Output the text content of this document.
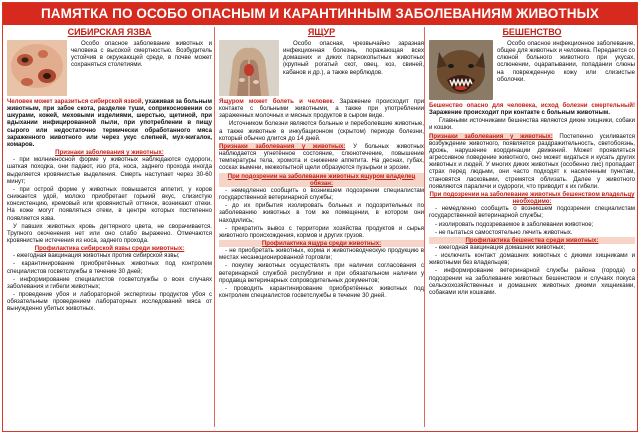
ПАМЯТКА ПО ОСОБО ОПАСНЫМ И КАРАНТИННЫМ ЗАБОЛЕВАНИЯМ ЖИВОТНЫХ
СИБИРСКАЯ ЯЗВА

Особо опасное заболевание животных и человека с высокой смертностью. Возбудитель устойчив в окружающей среде, в почве может сохраняться столетиями.

Человек может заразиться сибирской язвой, ухаживая за больным животным, при забое скота, разделке туши, соприкосновении со шкурами, кожей, меховыми изделиями, шерстью, щетиной, при вдыхании инфицированной пыли, при употреблении в пищу сырого или недостаточно термически обработанного мяса зараженного животного или через укус слепней, мух-жигалок, комаров.

Признаки заболевания у животных:
- при молниеносной форме у животных наблюдаются судороги, шаткая походка, они падают, изо рта, носа, заднего прохода иногда выделяется кровянистые выделения. Смерть наступает через 30-60 минут;
- при острой форме у животных повышается аппетит, у коров снижается удой, молоко приобретает горький вкус, слизистую консистенцию, кремовый или кровянистый оттенок, возникают отеки. На коже могут появляться отеки, в центре которых постепенно появляется язва.
У павших животных кровь дегтярного цвета, не сворачивается. Трупного окоченения нет или оно слабо выражено. Отмечаются кровянистые истечения из носа, заднего прохода.
Профилактика сибирской язвы среди животных:
- ежегодная вакцинация животных против сибирской язвы;
- карантинирование приобретённых животных под контролем специалистов госветслужбы в течение 30 дней;
- информирование специалистов госветслужбы о всех случаях заболевания и гибели животных;
- проведение убоя и лабораторной экспертизы продуктов убоя с обязательным проведением лабораторных исследований мяса от вынужденно убитых животных.
ЯЩУР

Особо опасная, чрезвычайно заразная инфекционная болезнь, поражающая всех домашних и диких парнокопытных животных (крупный рогатый скот, овец, коз, свиней, кабанов и др.), а также верблюдов.

Ящуром может болеть и человек. Заражение происходит при контакте с больными животными, а также при употреблении зараженных молочных и мясных продуктов в сыром виде.

Источником болезни являются больные и переболевшие животные, а также животные в инкубационном (скрытом) периоде болезни, который обычно длится до 14 дней.

Признаки заболевания у животных: У больных животных наблюдается угнетённое состояние, слюнотечение, повышение температуры тела, хромота и снижение аппетита. На деснах, губах, сосках вымени, межкопытной щели образуются пузырьки и эрозии.

При подозрении на заболевание животных ящуром владелец обязан:
- немедленно сообщить о возникшем подозрении специалистам государственной ветеринарной службы;
- до их прибытия изолировать больных и подозрительных по заболеванию животных в том же помещении, в котором они находились;
- прекратить вывоз с территории хозяйства продуктов и сырья животного происхождения, кормов и других грузов.
Профилактика ящура среди животных:
- не приобретать животных, корма и животноводческую продукцию в местах несанкционированной торговли;
- покупку животных осуществлять при наличии согласования с ветеринарной службой республики и при обязательном наличии у продавца ветеринарных сопроводительных документов;
- проводить карантинирование приобретённых животных под контролем специалистов госветслужбы в течение 30 дней.
БЕШЕНСТВО

Особо опасное инфекционное заболевание, общее для животных и человека. Передается со слюной больного животного при укусах, ослюнении, оцарапывании, попадании слюны на поврежденную кожу или слизистые оболочки.

Бешенство опасно для человека, исход болезни смертельный! Заражение происходит при контакте с больным животным.

Главными источниками бешенства являются дикие хищники, собаки и кошки.

Признаки заболевания у животных: Постепенно усиливается возбуждение животного, появляется раздражительность, светобоязнь, дрожь, нарушение координации движений. Может проявляться агрессивное поведение животного, оно может кидаться и кусать других животных и людей. У многих диких животных (особенно лис) пропадает страх перед людьми, они часто подходят к населенным пунктам, становятся ласковыми, стремятся облизать. Далее у животного появляются параличи и судороги, что приводит к их гибели.

При подозрении на заболевание животных бешенством владельцу необходимо:
- немедленно сообщить о возникшем подозрении специалистам государственной ветеринарной службы;
- изолировать подозреваемое в заболевании животное;
- не пытаться самостоятельно лечить животных.
Профилактика бешенства среди животных:
- ежегодная вакцинация домашних животных;
- исключить контакт домашних животных с дикими хищниками и животными без владельцев;
- информирование ветеринарной службы района (города) о подозрении на заболевание животных бешенством и случаях покуса сельскохозяйственных и домашних животных дикими хищниками, собаками или кошками.
